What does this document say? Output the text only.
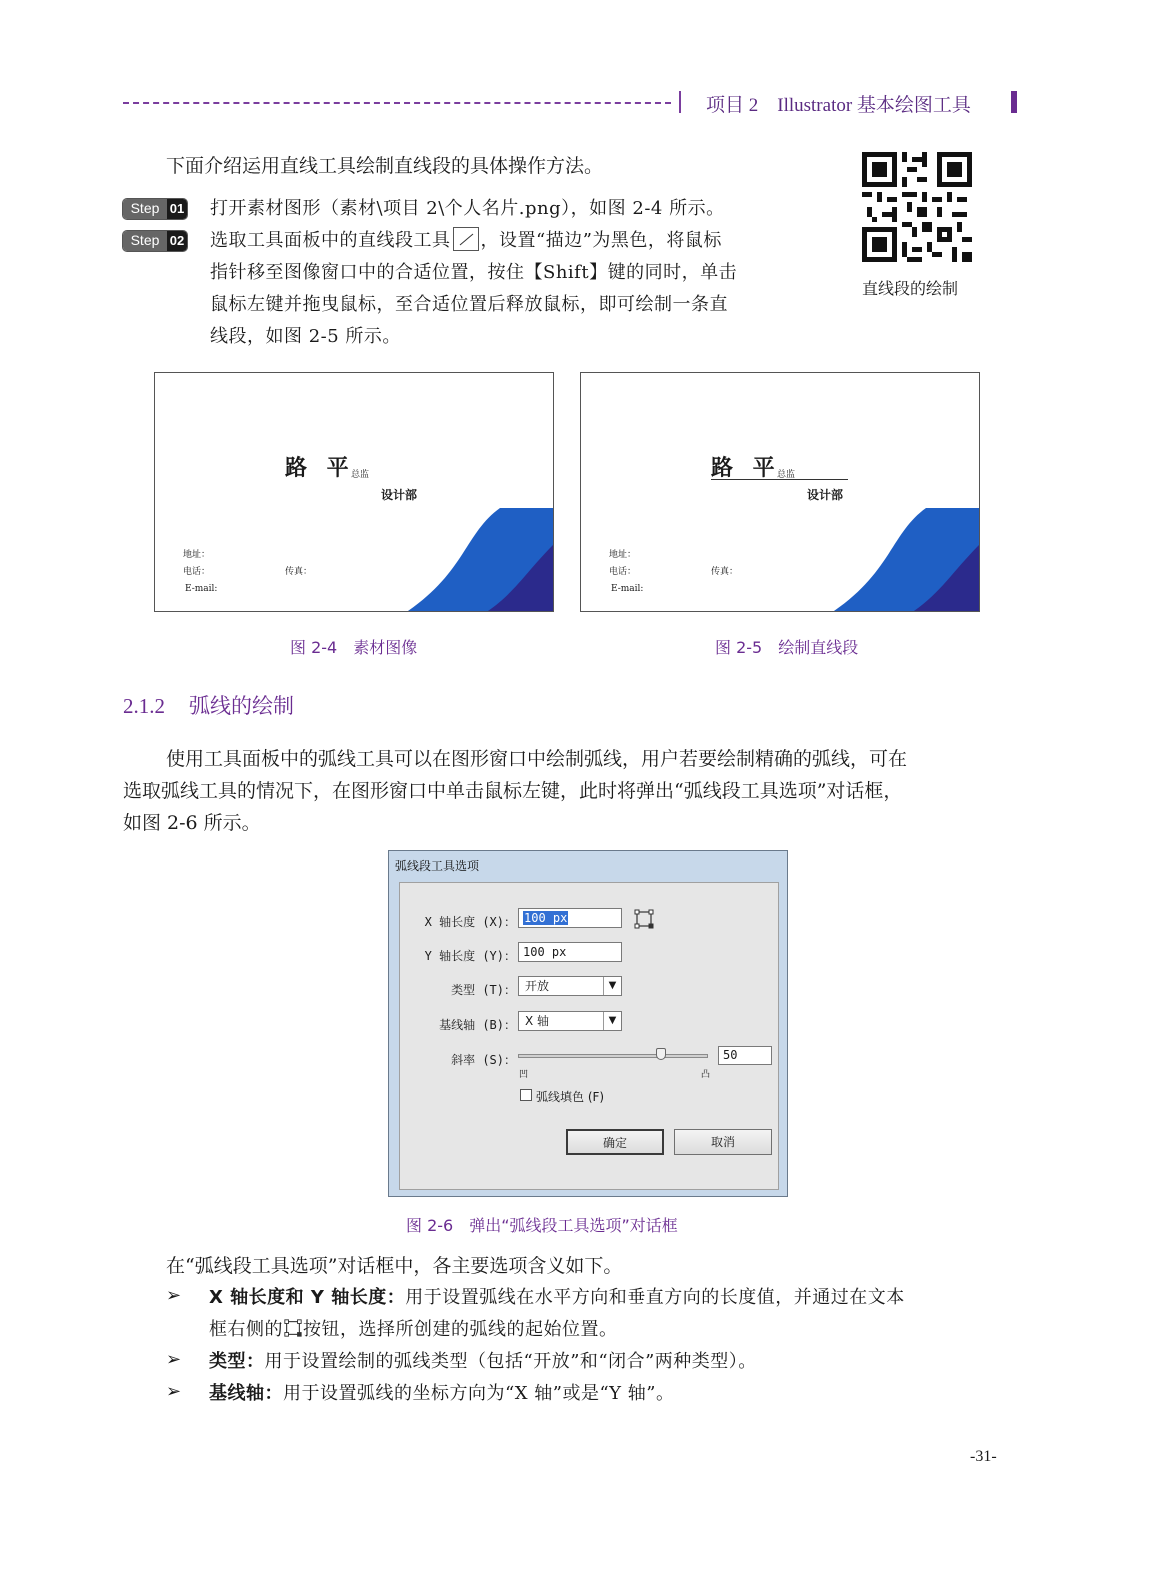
项目 2　Illustrator 基本绘图工具
下面介绍运用直线工具绘制直线段的具体操作方法。
Step 01 打开素材图形（素材\项目 2\个人名片.png），如图 2-4 所示。
Step 02 选取工具面板中的直线段工具 ，设置“描边”为黑色，将鼠标
指针移至图像窗口中的合适位置，按住【Shift】键的同时，单击
鼠标左键并拖曳鼠标，至合适位置后释放鼠标，即可绘制一条直
线段，如图 2-5 所示。
直线段的绘制
路 平
总监
设计部
地址：
电话：
E-mail:
传真：
路 平
总监
设计部
地址：
电话：
E-mail:
传真：
图 2-4　素材图像	图 2-5　绘制直线段
2.1.2 弧线的绘制
使用工具面板中的弧线工具可以在图形窗口中绘制弧线，用户若要绘制精确的弧线，可在
选取弧线工具的情况下，在图形窗口中单击鼠标左键，此时将弹出“弧线段工具选项”对话框，
如图 2-6 所示。
弧线段工具选项
X 轴长度 (X)： 100 px
Y 轴长度 (Y)： 100 px
类型 (T)： 开放	▼
基线轴 (B)： X 轴	▼
斜率 (S)：	50
凹	凸
弧线填色 (F)
确定	取消
图 2-6　弹出“弧线段工具选项”对话框
在“弧线段工具选项”对话框中，各主要选项含义如下。
➢ X 轴长度和 Y 轴长度：用于设置弧线在水平方向和垂直方向的长度值，并通过在文本
框右侧的 按钮，选择所创建的弧线的起始位置。
➢ 类型：用于设置绘制的弧线类型（包括“开放”和“闭合”两种类型）。
➢ 基线轴：用于设置弧线的坐标方向为“X 轴”或是“Y 轴”。
-31-
